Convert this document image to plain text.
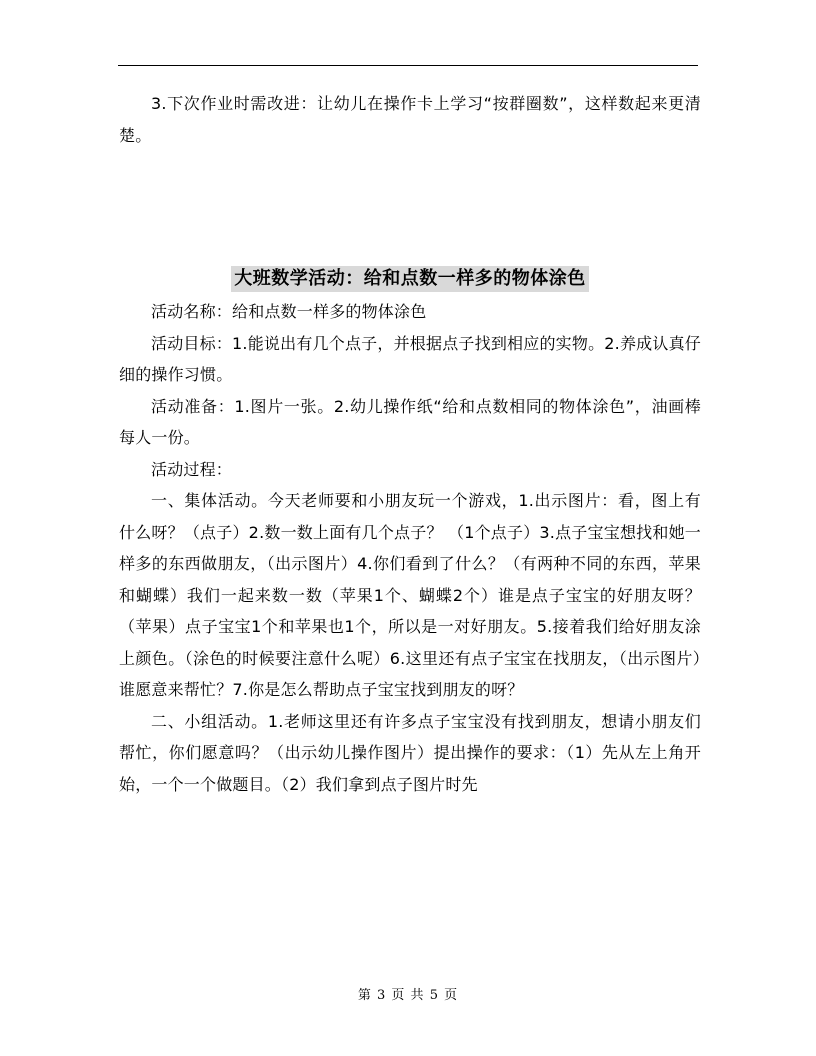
3.下次作业时需改进：让幼儿在操作卡上学习“按群圈数”，这样数起来更清楚。

大班数学活动：给和点数一样多的物体涂色

活动名称：给和点数一样多的物体涂色

活动目标：1.能说出有几个点子，并根据点子找到相应的实物。2.养成认真仔细的操作习惯。

活动准备：1.图片一张。2.幼儿操作纸“给和点数相同的物体涂色”，油画棒每人一份。

活动过程：

一、集体活动。今天老师要和小朋友玩一个游戏，1.出示图片：看，图上有什么呀？（点子）2.数一数上面有几个点子？ （1个点子）3.点子宝宝想找和她一样多的东西做朋友，（出示图片）4.你们看到了什么？（有两种不同的东西，苹果和蝴蝶）我们一起来数一数（苹果1个、蝴蝶2个）谁是点子宝宝的好朋友呀？（苹果）点子宝宝1个和苹果也1个，所以是一对好朋友。5.接着我们给好朋友涂上颜色。（涂色的时候要注意什么呢）6.这里还有点子宝宝在找朋友，（出示图片）谁愿意来帮忙？7.你是怎么帮助点子宝宝找到朋友的呀？

二、小组活动。1.老师这里还有许多点子宝宝没有找到朋友，想请小朋友们帮忙，你们愿意吗？（出示幼儿操作图片）提出操作的要求：（1）先从左上角开始，一个一个做题目。（2）我们拿到点子图片时先

第 3 页 共 5 页
